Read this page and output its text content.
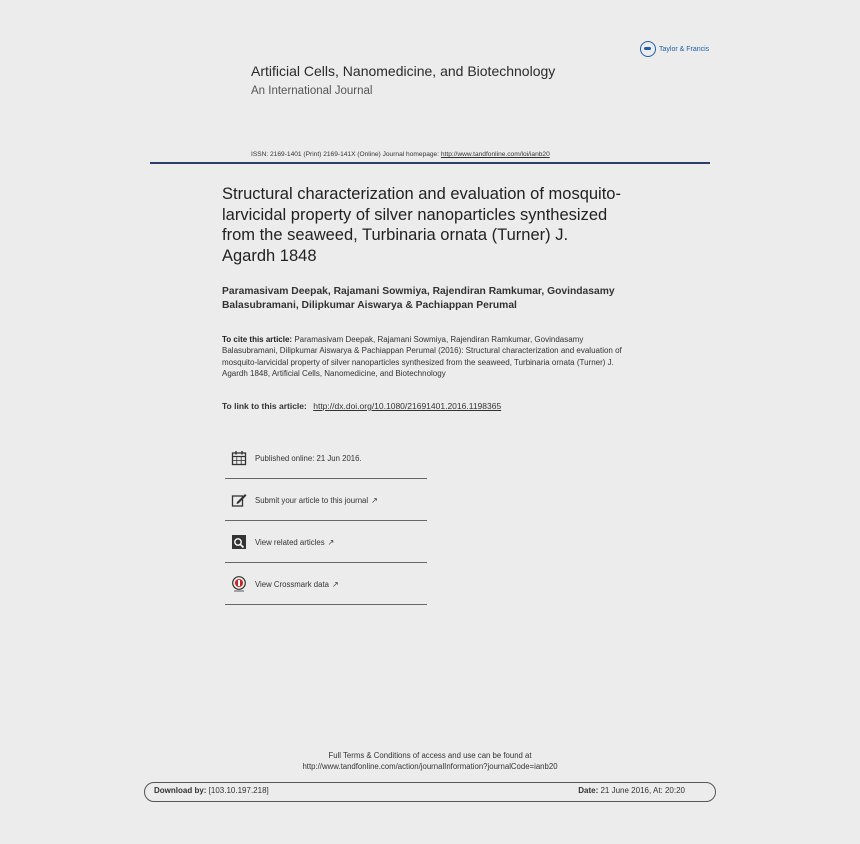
Taylor & Francis
Artificial Cells, Nanomedicine, and Biotechnology
An International Journal
ISSN: 2169-1401 (Print) 2169-141X (Online) Journal homepage: http://www.tandfonline.com/loi/ianb20
Structural characterization and evaluation of mosquito-larvicidal property of silver nanoparticles synthesized from the seaweed, Turbinaria ornata (Turner) J. Agardh 1848
Paramasivam Deepak, Rajamani Sowmiya, Rajendiran Ramkumar, Govindasamy Balasubramani, Dilipkumar Aiswarya & Pachiappan Perumal
To cite this article: Paramasivam Deepak, Rajamani Sowmiya, Rajendiran Ramkumar, Govindasamy Balasubramani, Dilipkumar Aiswarya & Pachiappan Perumal (2016): Structural characterization and evaluation of mosquito-larvicidal property of silver nanoparticles synthesized from the seaweed, Turbinaria ornata (Turner) J. Agardh 1848, Artificial Cells, Nanomedicine, and Biotechnology
To link to this article: http://dx.doi.org/10.1080/21691401.2016.1198365
Published online: 21 Jun 2016.
Submit your article to this journal ↗
View related articles ↗
View Crossmark data ↗
Full Terms & Conditions of access and use can be found at
http://www.tandfonline.com/action/journalInformation?journalCode=ianb20
Download by: [103.10.197.218]	Date: 21 June 2016, At: 20:20
